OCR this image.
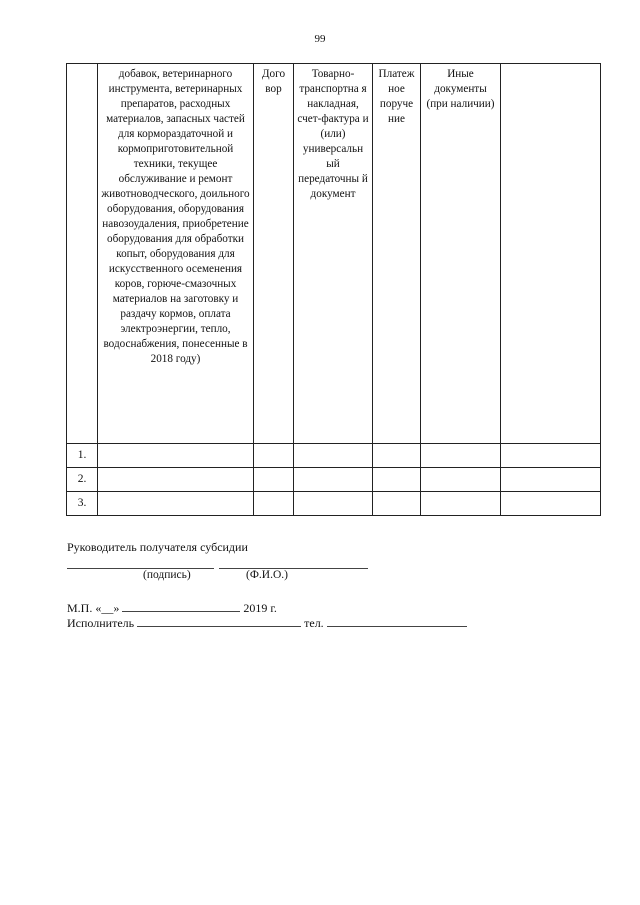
99
	добавок, ветеринарного инструмента, ветеринарных препаратов, расходных материалов, запасных частей для кормораздаточной и кормоприготовительной техники, текущее обслуживание и ремонт животноводческого, доильного оборудования, оборудования навозоудаления, приобретение оборудования для обработки копыт, оборудования для искусственного осеменения коров, горюче-смазочных материалов на заготовку и раздачу кормов, оплата электроэнергии, тепло, водоснабжения, понесенные в 2018 году)	Дого вор	Товарно-транспортна я накладная, счет-фактура и (или) универсальн ый передаточны й документ	Платеж ное поруче ние	Иные документы (при наличии)	
1.						
2.						
3.						
Руководитель получателя субсидии
(подпись)	(Ф.И.О.)
М.П. «__»	2019 г.
Исполнитель	тел.
